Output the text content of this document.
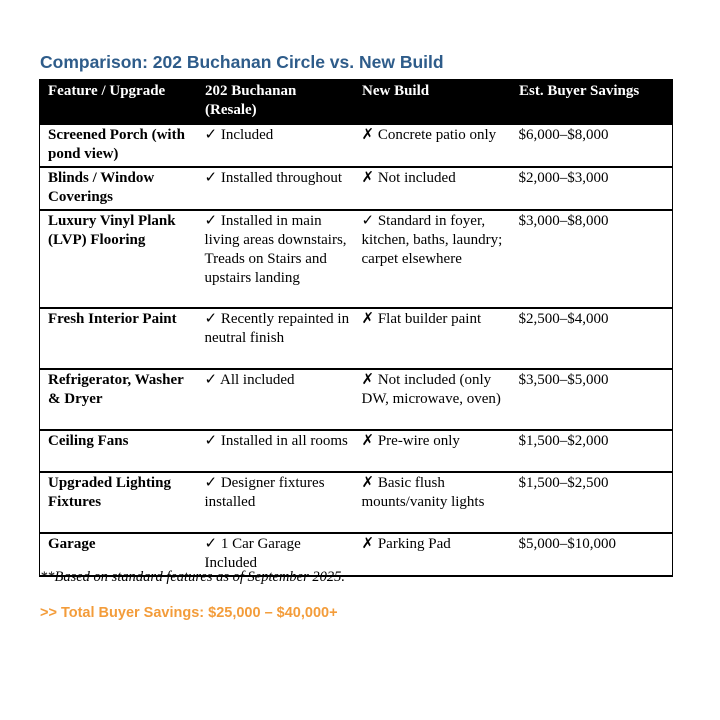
Comparison: 202 Buchanan Circle vs. New Build
Feature / Upgrade	202 Buchanan (Resale)	New Build	Est. Buyer Savings
Screened Porch (with pond view)	✓ Included	✗ Concrete patio only	$6,000–$8,000
Blinds / Window Coverings	✓ Installed throughout	✗ Not included	$2,000–$3,000
Luxury Vinyl Plank (LVP) Flooring	✓ Installed in main living areas downstairs, Treads on Stairs and upstairs landing	✓ Standard in foyer, kitchen, baths, laundry; carpet elsewhere	$3,000–$8,000
Fresh Interior Paint	✓ Recently repainted in neutral finish	✗ Flat builder paint	$2,500–$4,000
Refrigerator, Washer & Dryer	✓ All included	✗ Not included (only DW, microwave, oven)	$3,500–$5,000
Ceiling Fans	✓ Installed in all rooms	✗ Pre-wire only	$1,500–$2,000
Upgraded Lighting Fixtures	✓ Designer fixtures installed	✗ Basic flush mounts/vanity lights	$1,500–$2,500
Garage	✓ 1 Car Garage Included	✗ Parking Pad	$5,000–$10,000
**Based on standard features as of September 2025.
>> Total Buyer Savings: $25,000 – $40,000+
